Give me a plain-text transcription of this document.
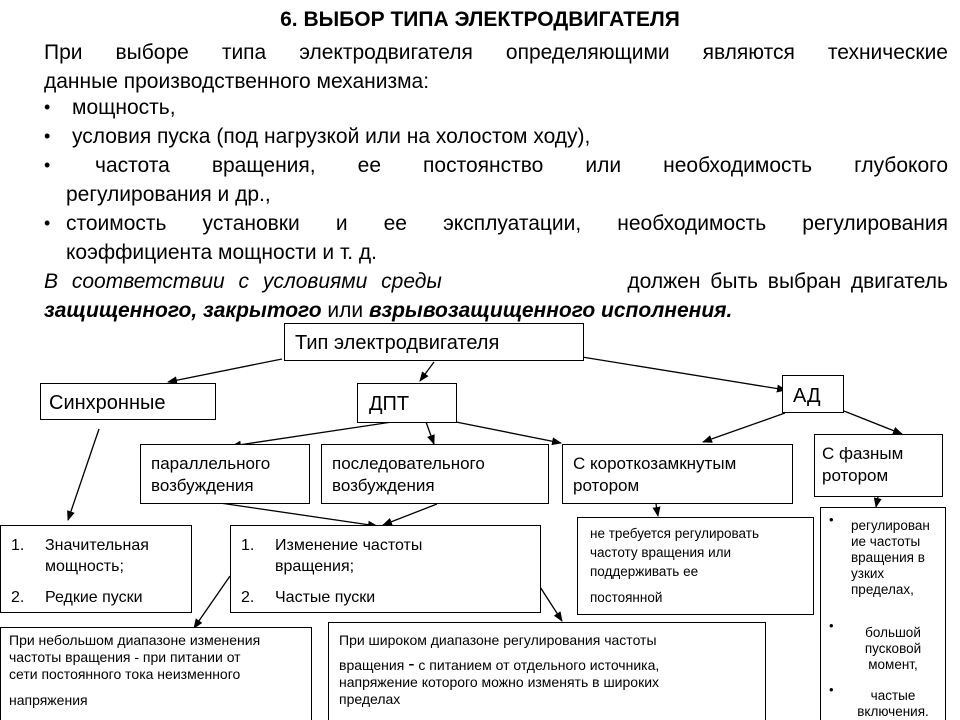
6. ВЫБОР ТИПА ЭЛЕКТРОДВИГАТЕЛЯ
При выборе типа электродвигателя определяющими являются технические
данные производственного механизма:
• мощность,
• условия пуска (под нагрузкой или на холостом ходу),
• частота вращения, ее постоянство или необходимость глубокого
регулирования и др.,
• стоимость установки и ее эксплуатации, необходимость регулирования
коэффициента мощности и т. д.
В соответствии с условиями среды	должен быть выбран двигатель
защищенного, закрытого или взрывозащищенного исполнения.
Тип электродвигателя
Синхронные	ДПТ	АД
параллельного
возбуждения
последовательного
возбуждения
С короткозамкнутым
ротором
С фазным
ротором
1. Значительная
мощность;
2. Редкие пуски
1. Изменение частоты
вращения;
2. Частые пуски
не требуется регулировать
частоту вращения или
поддерживать ее
постоянной
• регулирован
ие частоты
вращения в
узких
пределах,
•	большой
пусковой
момент,
•	частые
включения.
При небольшом диапазоне изменения
частоты вращения - при питании от
сети постоянного тока неизменного
напряжения
При широком диапазоне регулирования частоты
вращения - с питанием от отдельного источника,
напряжение которого можно изменять в широких
пределах
